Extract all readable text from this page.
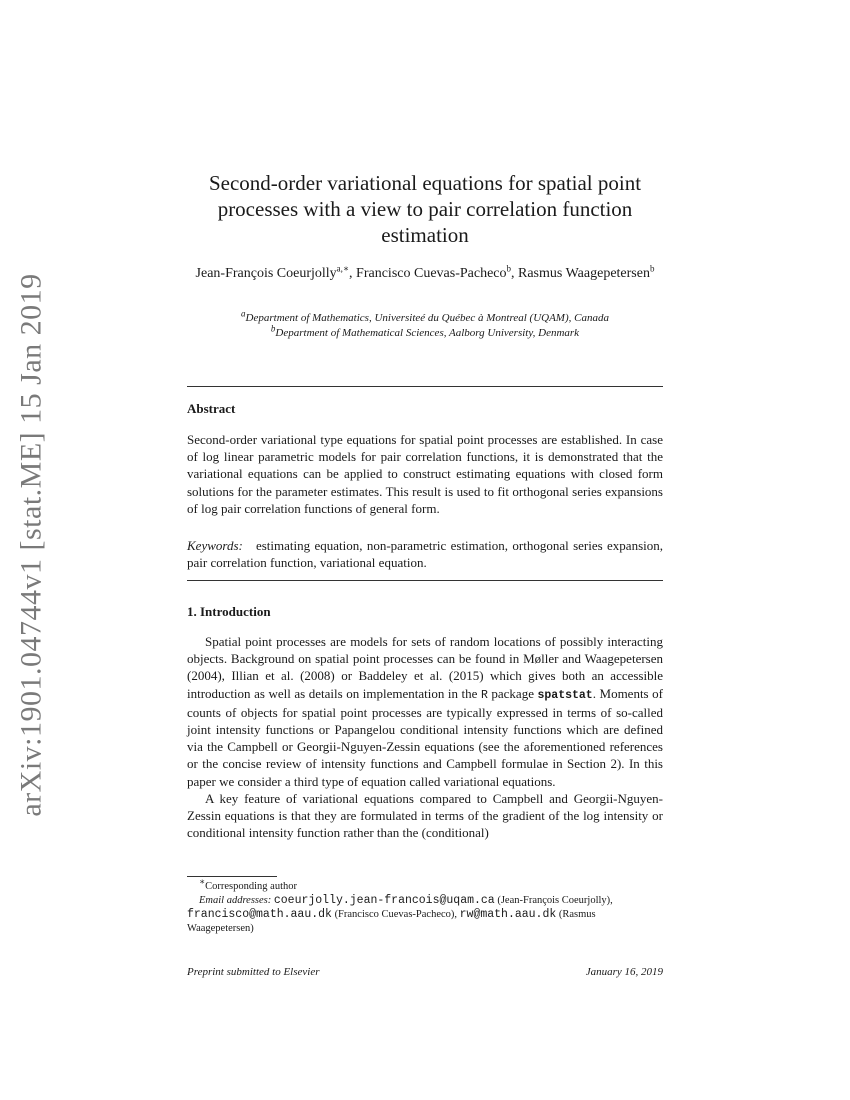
arXiv:1901.04744v1 [stat.ME] 15 Jan 2019
Second-order variational equations for spatial point processes with a view to pair correlation function estimation
Jean-François Coeurjolly$^{a,∗}$, Francisco Cuevas-Pacheco$^b$, Rasmus Waagepetersen$^b$
$^a$Department of Mathematics, Universiteé du Québec à Montreal (UQAM), Canada
$^b$Department of Mathematical Sciences, Aalborg University, Denmark
Abstract

Second-order variational type equations for spatial point processes are established. In case of log linear parametric models for pair correlation functions, it is demonstrated that the variational equations can be applied to construct estimating equations with closed form solutions for the parameter estimates. This result is used to fit orthogonal series expansions of log pair correlation functions of general form.

Keywords: estimating equation, non-parametric estimation, orthogonal series expansion, pair correlation function, variational equation.

1. Introduction

Spatial point processes are models for sets of random locations of possibly interacting objects. Background on spatial point processes can be found in Møller and Waagepetersen (2004), Illian et al. (2008) or Baddeley et al. (2015) which gives both an accessible introduction as well as details on implementation in the R package spatstat. Moments of counts of objects for spatial point processes are typically expressed in terms of so-called joint intensity functions or Papangelou conditional intensity functions which are defined via the Campbell or Georgii-Nguyen-Zessin equations (see the aforementioned references or the concise review of intensity functions and Campbell formulae in Section 2). In this paper we consider a third type of equation called variational equations.

A key feature of variational equations compared to Campbell and Georgii-Nguyen-Zessin equations is that they are formulated in terms of the gradient of the log intensity or conditional intensity function rather than the (conditional)

∗Corresponding author

Email addresses: coeurjolly.jean-francois@uqam.ca (Jean-François Coeurjolly), francisco@math.aau.dk (Francisco Cuevas-Pacheco), rw@math.aau.dk (Rasmus Waagepetersen)

Preprint submitted to Elsevier	January 16, 2019
